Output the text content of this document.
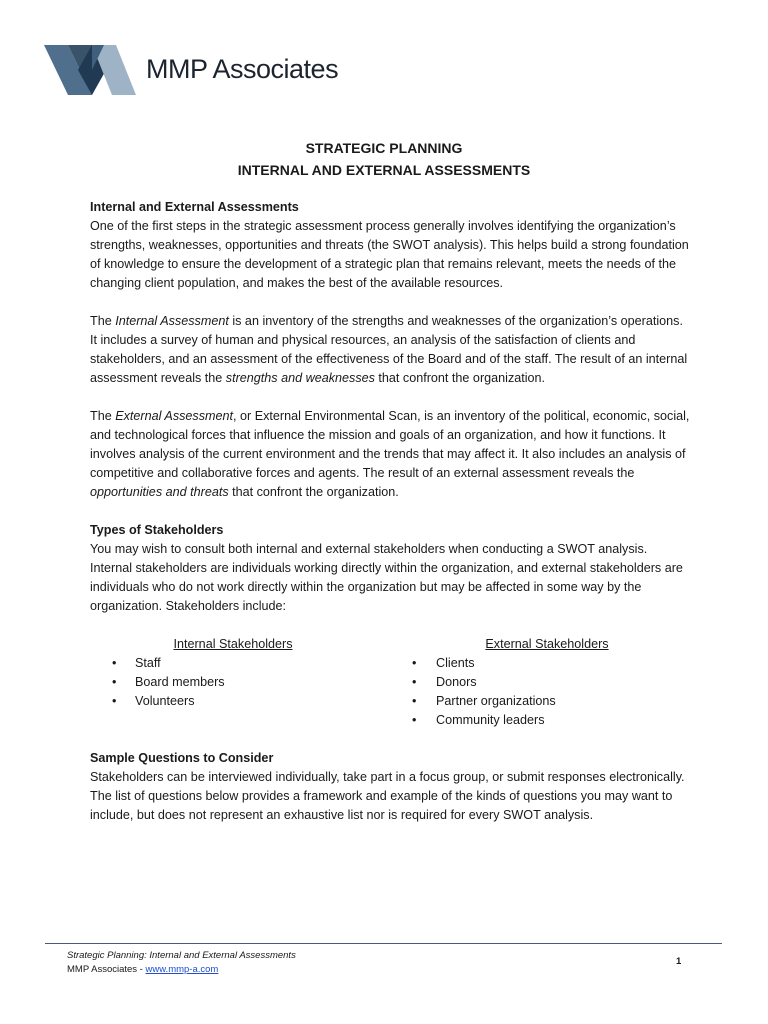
MMP Associates
STRATEGIC PLANNING
INTERNAL AND EXTERNAL ASSESSMENTS

Internal and External Assessments

One of the first steps in the strategic assessment process generally involves identifying the organization’s strengths, weaknesses, opportunities and threats (the SWOT analysis). This helps build a strong foundation of knowledge to ensure the development of a strategic plan that remains relevant, meets the needs of the changing client population, and makes the best of the available resources.

The Internal Assessment is an inventory of the strengths and weaknesses of the organization’s operations. It includes a survey of human and physical resources, an analysis of the satisfaction of clients and stakeholders, and an assessment of the effectiveness of the Board and of the staff. The result of an internal assessment reveals the strengths and weaknesses that confront the organization.

The External Assessment, or External Environmental Scan, is an inventory of the political, economic, social, and technological forces that influence the mission and goals of an organization, and how it functions. It involves analysis of the current environment and the trends that may affect it. It also includes an analysis of competitive and collaborative forces and agents. The result of an external assessment reveals the opportunities and threats that confront the organization.

Types of Stakeholders

You may wish to consult both internal and external stakeholders when conducting a SWOT analysis. Internal stakeholders are individuals working directly within the organization, and external stakeholders are individuals who do not work directly within the organization but may be affected in some way by the organization. Stakeholders include:

Internal Stakeholders
• Staff
• Board members
• Volunteers
External Stakeholders
• Clients
• Donors
• Partner organizations
• Community leaders

Sample Questions to Consider

Stakeholders can be interviewed individually, take part in a focus group, or submit responses electronically. The list of questions below provides a framework and example of the kinds of questions you may want to include, but does not represent an exhaustive list nor is required for every SWOT analysis.

Strategic Planning: Internal and External Assessments
MMP Associates - www.mmp-a.com
1
